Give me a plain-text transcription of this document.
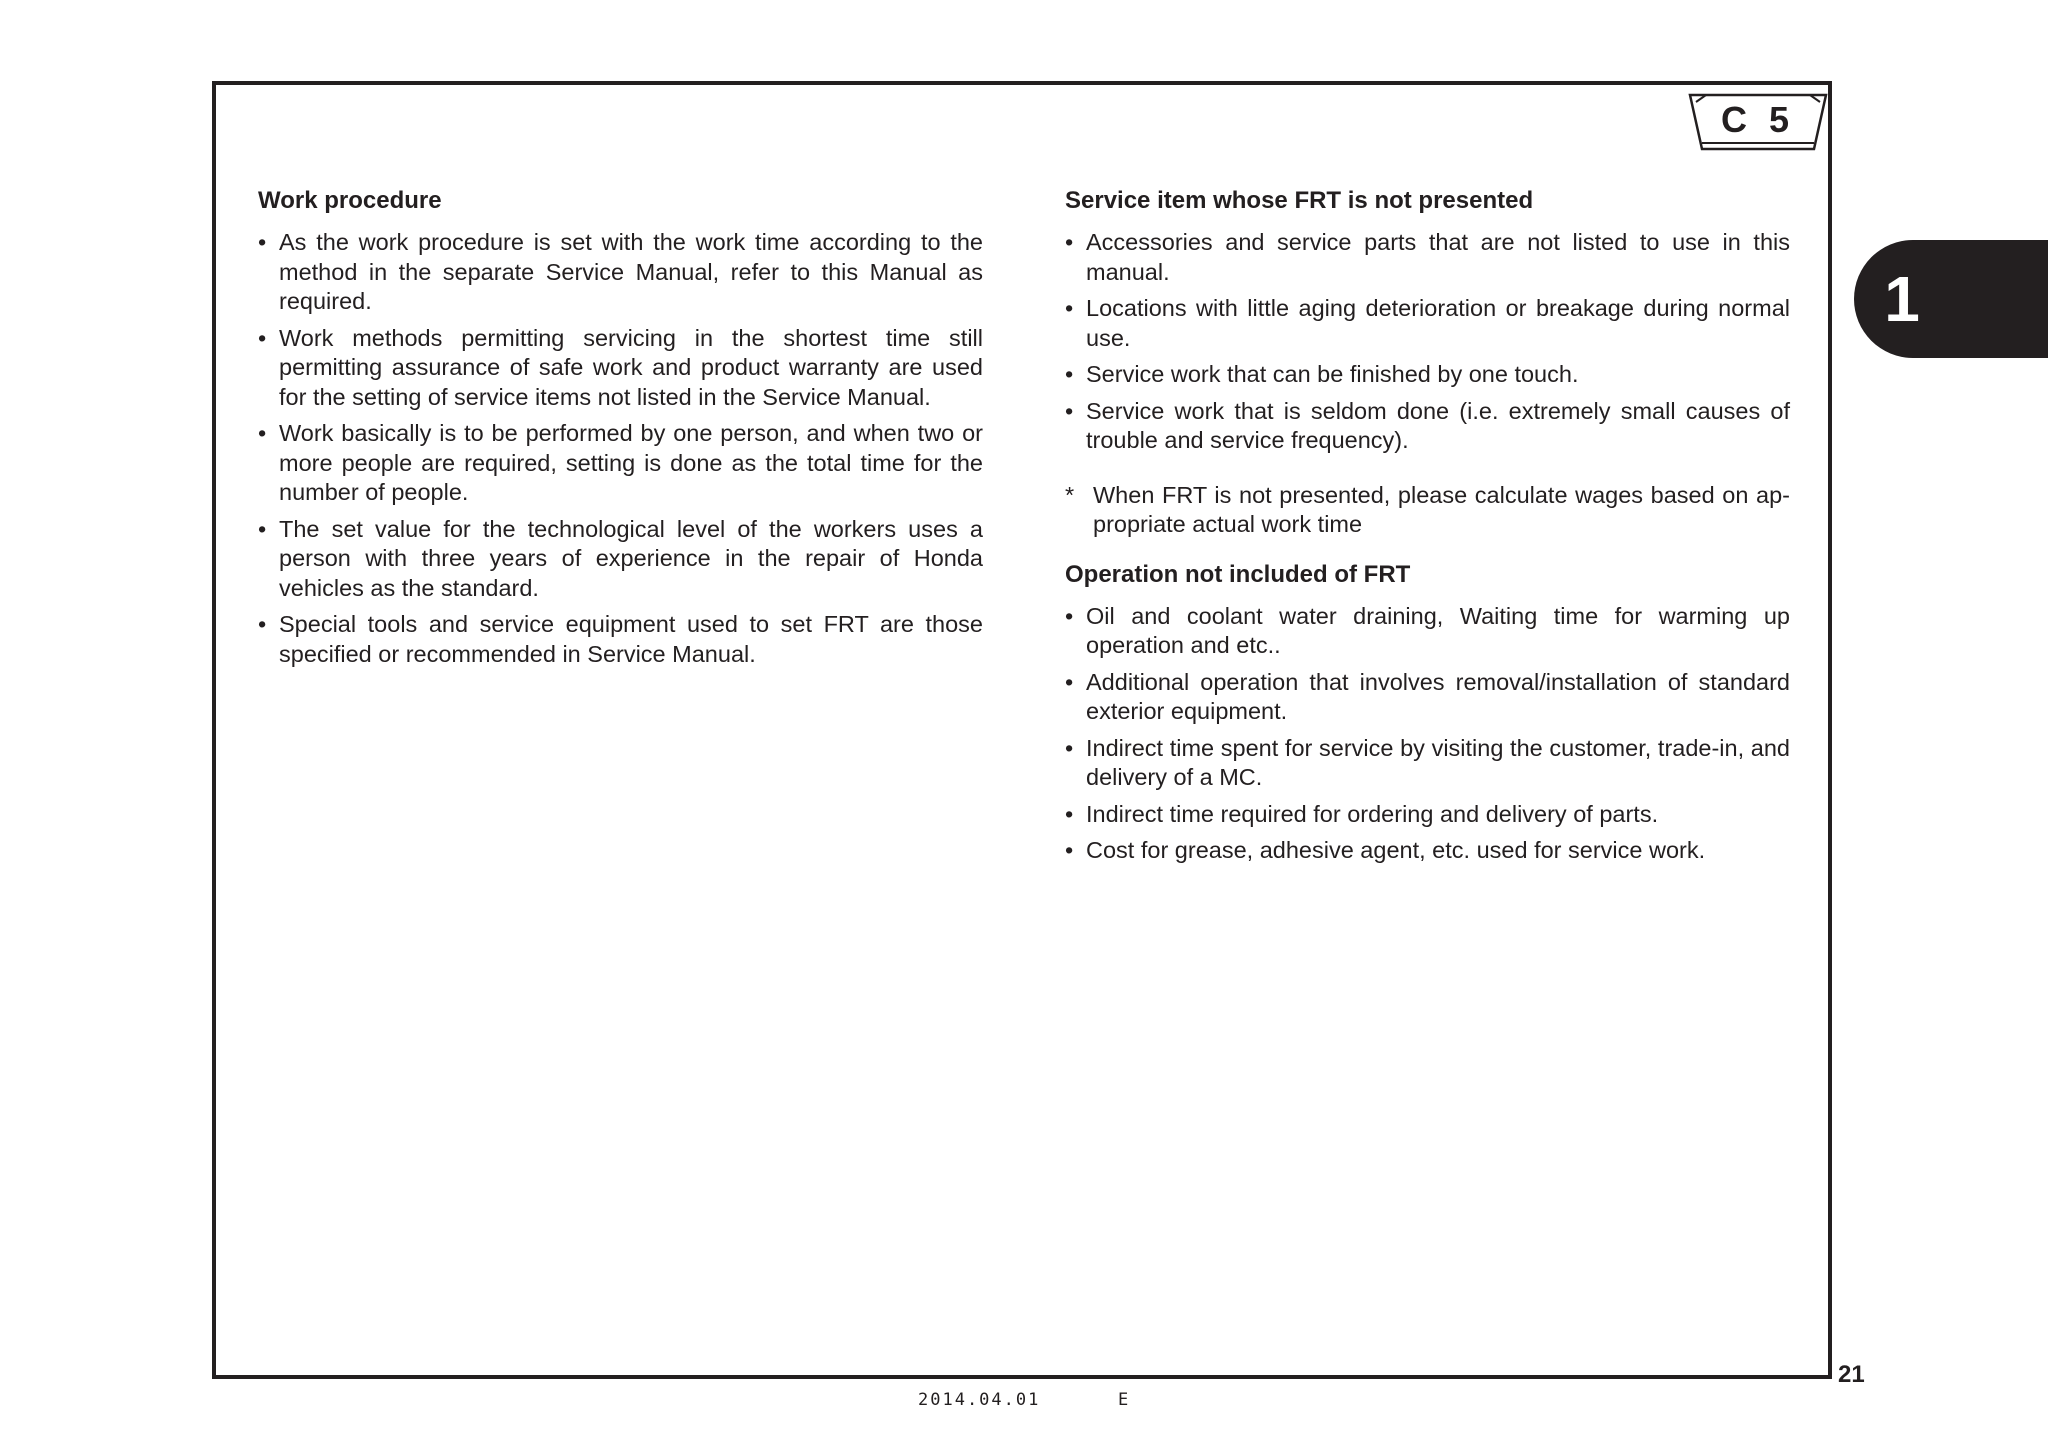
C 5
1
Work procedure
• As the work procedure is set with the work time according to the method in the separate Service Manual, refer to this Manual as required.
• Work methods permitting servicing in the shortest time still permitting assurance of safe work and product warranty are used for the setting of service items not listed in the Service Manual.
• Work basically is to be performed by one person, and when two or more people are required, setting is done as the total time for the number of people.
• The set value for the technological level of the workers uses a person with three years of experience in the repair of Honda vehicles as the standard.
• Special tools and service equipment used to set FRT are those specified or recommended in Service Manual.
Service item whose FRT is not presented
• Accessories and service parts that are not listed to use in this manual.
• Locations with little aging deterioration or breakage during normal use.
• Service work that can be finished by one touch.
• Service work that is seldom done (i.e. extremely small causes of trouble and service frequency).
* When FRT is not presented, please calculate wages based on ap-propriate actual work time
Operation not included of FRT
• Oil and coolant water draining, Waiting time for warming up operation and etc..
• Additional operation that involves removal/installation of standard exterior equipment.
• Indirect time spent for service by visiting the customer, trade-in, and delivery of a MC.
• Indirect time required for ordering and delivery of parts.
• Cost for grease, adhesive agent, etc. used for service work.
21
2014.04.01	E
